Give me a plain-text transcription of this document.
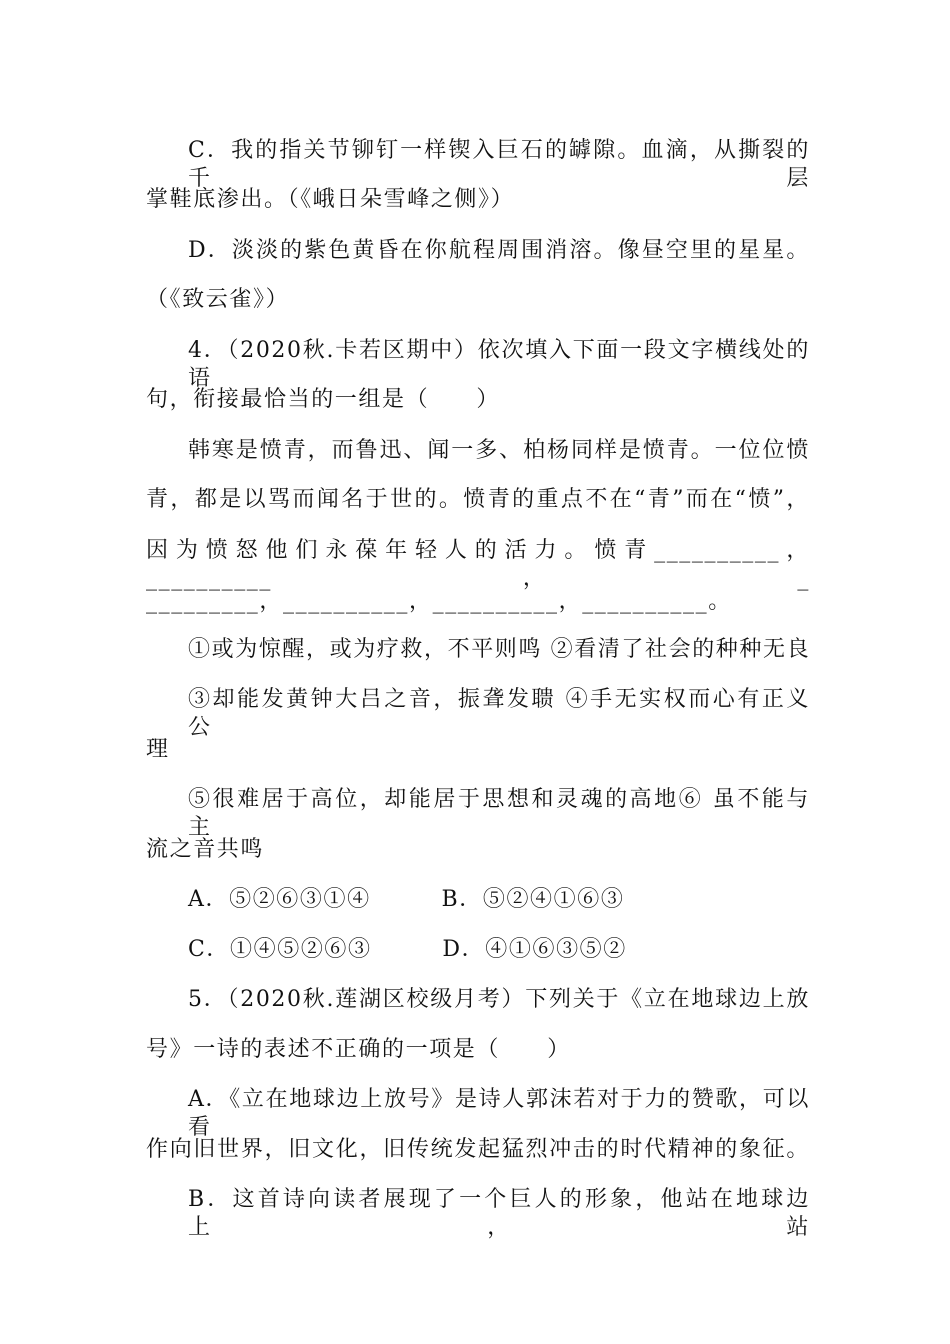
C．我的指关节铆钉一样锲入巨石的罅隙。血滴，从撕裂的千层
掌鞋底渗出。（《峨日朵雪峰之侧》）
D．淡淡的紫色黄昏在你航程周围消溶。像昼空里的星星。
（《致云雀》）
4．（2020秋.卡若区期中）依次填入下面一段文字横线处的语
句，衔接最恰当的一组是（　　）
韩寒是愤青，而鲁迅、闻一多、柏杨同样是愤青。一位位愤
青，都是以骂而闻名于世的。愤青的重点不在“青”而在“愤”，
因为愤怒他们永葆年轻人的活力。愤青__________，__________，_
_________，__________，__________，__________。
①或为惊醒，或为疗救，不平则鸣 ②看清了社会的种种无良
③却能发黄钟大吕之音，振聋发聩 ④手无实权而心有正义公
理
⑤很难居于高位，却能居于思想和灵魂的高地⑥ 虽不能与主
流之音共鸣
A．⑤②⑥③①④　　　B．⑤②④①⑥③
C．①④⑤②⑥③　　　D．④①⑥③⑤②
5．（2020秋.莲湖区校级月考）下列关于《立在地球边上放
号》一诗的表述不正确的一项是（　　）
A．《立在地球边上放号》是诗人郭沫若对于力的赞歌，可以看
作向旧世界，旧文化，旧传统发起猛烈冲击的时代精神的象征。
B．这首诗向读者展现了一个巨人的形象，他站在地球边上，站
